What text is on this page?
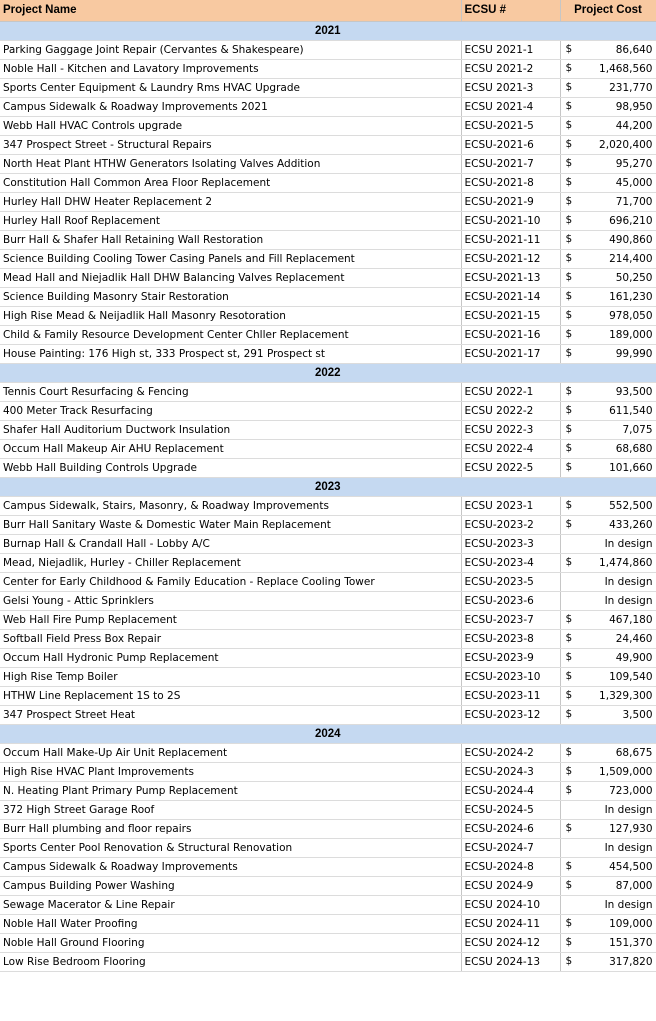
Project Name	ECSU #	Project Cost
2021		
Parking Gaggage Joint Repair (Cervantes & Shakespeare)	ECSU 2021-1	$ 86,640
Noble Hall - Kitchen and Lavatory Improvements	ECSU 2021-2	$ 1,468,560
Sports Center Equipment & Laundry Rms HVAC Upgrade	ECSU 2021-3	$ 231,770
Campus Sidewalk & Roadway Improvements 2021	ECSU 2021-4	$ 98,950
Webb Hall HVAC Controls upgrade	ECSU-2021-5	$ 44,200
347 Prospect Street - Structural Repairs	ECSU-2021-6	$ 2,020,400
North Heat Plant HTHW Generators Isolating Valves Addition	ECSU-2021-7	$ 95,270
Constitution Hall Common Area Floor Replacement	ECSU-2021-8	$ 45,000
Hurley Hall DHW Heater Replacement 2	ECSU-2021-9	$ 71,700
Hurley Hall Roof Replacement	ECSU-2021-10	$ 696,210
Burr Hall & Shafer Hall Retaining Wall Restoration	ECSU-2021-11	$ 490,860
Science Building Cooling Tower Casing Panels and Fill Replacement	ECSU-2021-12	$ 214,400
Mead Hall and Niejadlik Hall DHW Balancing Valves Replacement	ECSU-2021-13	$ 50,250
Science Building Masonry Stair Restoration	ECSU-2021-14	$ 161,230
High Rise Mead & Neijadlik Hall Masonry Resotoration	ECSU-2021-15	$ 978,050
Child & Family Resource Development Center Chller Replacement	ECSU-2021-16	$ 189,000
House Painting: 176 High st, 333 Prospect st, 291 Prospect st	ECSU-2021-17	$ 99,990
2022		
Tennis Court Resurfacing & Fencing	ECSU 2022-1	$ 93,500
400 Meter Track Resurfacing	ECSU 2022-2	$ 611,540
Shafer Hall Auditorium Ductwork Insulation	ECSU 2022-3	$ 7,075
Occum Hall Makeup Air AHU Replacement	ECSU 2022-4	$ 68,680
Webb Hall Building Controls Upgrade	ECSU 2022-5	$ 101,660
2023		
Campus Sidewalk, Stairs, Masonry, & Roadway Improvements	ECSU 2023-1	$ 552,500
Burr Hall Sanitary Waste & Domestic Water Main Replacement	ECSU-2023-2	$ 433,260
Burnap Hall & Crandall Hall - Lobby A/C	ECSU-2023-3	In design
Mead, Niejadlik, Hurley - Chiller Replacement	ECSU-2023-4	$ 1,474,860
Center for Early Childhood & Family Education - Replace Cooling Tower	ECSU-2023-5	In design
Gelsi Young - Attic Sprinklers	ECSU-2023-6	In design
Web Hall Fire Pump Replacement	ECSU-2023-7	$ 467,180
Softball Field Press Box Repair	ECSU-2023-8	$ 24,460
Occum Hall Hydronic Pump Replacement	ECSU-2023-9	$ 49,900
High Rise Temp Boiler	ECSU-2023-10	$ 109,540
HTHW Line Replacement 1S to 2S	ECSU-2023-11	$ 1,329,300
347 Prospect Street Heat	ECSU-2023-12	$ 3,500
2024		
Occum Hall Make-Up Air Unit Replacement	ECSU-2024-2	$ 68,675
High Rise HVAC Plant Improvements	ECSU-2024-3	$ 1,509,000
N. Heating Plant Primary Pump Replacement	ECSU-2024-4	$ 723,000
372 High Street Garage Roof	ECSU-2024-5	In design
Burr Hall plumbing and floor repairs	ECSU-2024-6	$ 127,930
Sports Center Pool Renovation & Structural Renovation	ECSU-2024-7	In design
Campus Sidewalk & Roadway Improvements	ECSU-2024-8	$ 454,500
Campus Building Power Washing	ECSU 2024-9	$ 87,000
Sewage Macerator & Line Repair	ECSU 2024-10	In design
Noble Hall Water Proofing	ECSU 2024-11	$ 109,000
Noble Hall Ground Flooring	ECSU 2024-12	$ 151,370
Low Rise Bedroom Flooring	ECSU 2024-13	$ 317,820
